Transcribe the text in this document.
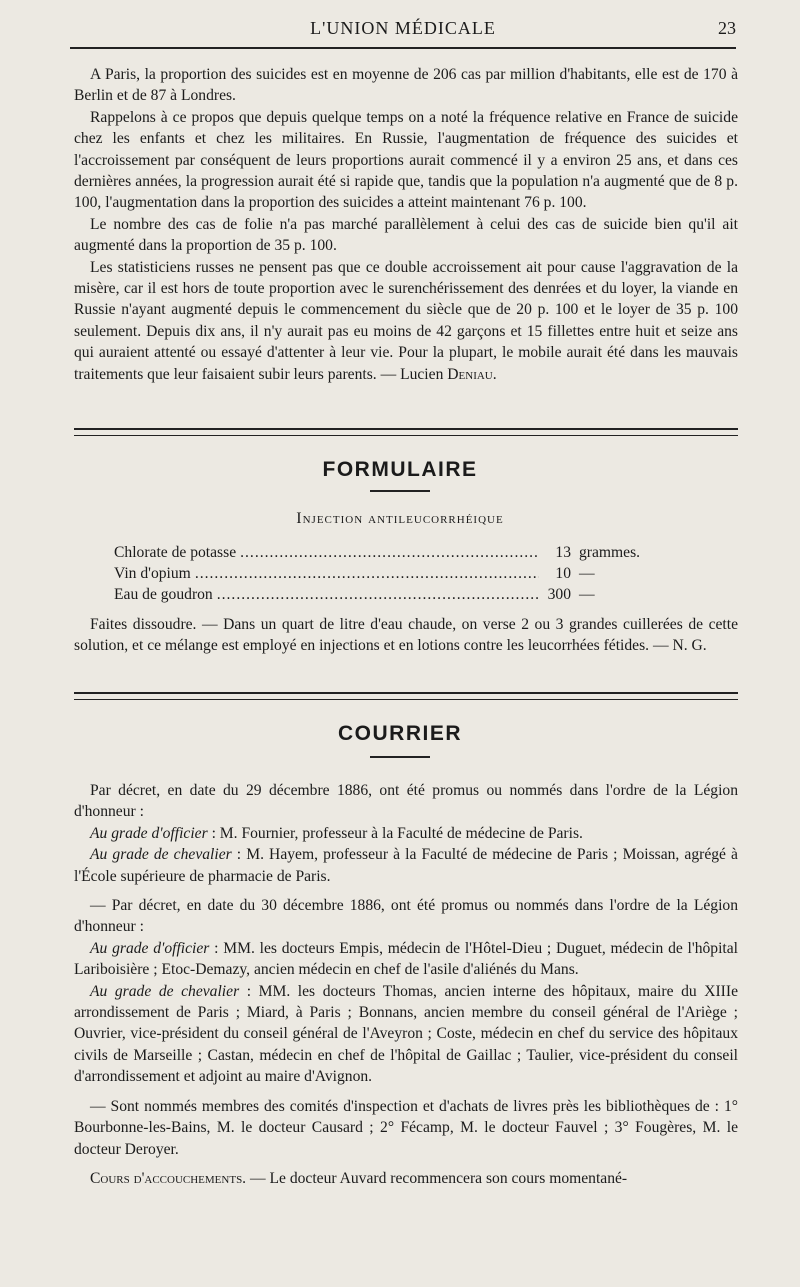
L'UNION MÉDICALE	23

A Paris, la proportion des suicides est en moyenne de 206 cas par million d'habitants, elle est de 170 à Berlin et de 87 à Londres.

Rappelons à ce propos que depuis quelque temps on a noté la fréquence relative en France de suicide chez les enfants et chez les militaires. En Russie, l'augmentation de fréquence des suicides et l'accroissement par conséquent de leurs proportions aurait commencé il y a environ 25 ans, et dans ces dernières années, la progression aurait été si rapide que, tandis que la population n'a augmenté que de 8 p. 100, l'augmentation dans la proportion des suicides a atteint maintenant 76 p. 100.

Le nombre des cas de folie n'a pas marché parallèlement à celui des cas de suicide bien qu'il ait augmenté dans la proportion de 35 p. 100.

Les statisticiens russes ne pensent pas que ce double accroissement ait pour cause l'aggravation de la misère, car il est hors de toute proportion avec le surenchérissement des denrées et du loyer, la viande en Russie n'ayant augmenté depuis le commencement du siècle que de 20 p. 100 et le loyer de 35 p. 100 seulement. Depuis dix ans, il n'y aurait pas eu moins de 42 garçons et 15 fillettes entre huit et seize ans qui auraient attenté ou essayé d'attenter à leur vie. Pour la plupart, le mobile aurait été dans les mauvais traitements que leur faisaient subir leurs parents. — Lucien Deniau.

FORMULAIRE
Injection antileucorrhéique
Chlorate de potasse .....	13 grammes.
Vin d'opium .....	10 —
Eau de goudron .....	300 —

Faites dissoudre. — Dans un quart de litre d'eau chaude, on verse 2 ou 3 grandes cuillerées de cette solution, et ce mélange est employé en injections et en lotions contre les leucorrhées fétides. — N. G.

COURRIER

Par décret, en date du 29 décembre 1886, ont été promus ou nommés dans l'ordre de la Légion d'honneur :

Au grade d'officier : M. Fournier, professeur à la Faculté de médecine de Paris.

Au grade de chevalier : M. Hayem, professeur à la Faculté de médecine de Paris ; Moissan, agrégé à l'École supérieure de pharmacie de Paris.

— Par décret, en date du 30 décembre 1886, ont été promus ou nommés dans l'ordre de la Légion d'honneur :

Au grade d'officier : MM. les docteurs Empis, médecin de l'Hôtel-Dieu ; Duguet, médecin de l'hôpital Lariboisière ; Etoc-Demazy, ancien médecin en chef de l'asile d'aliénés du Mans.

Au grade de chevalier : MM. les docteurs Thomas, ancien interne des hôpitaux, maire du XIIIe arrondissement de Paris ; Miard, à Paris ; Bonnans, ancien membre du conseil général de l'Ariège ; Ouvrier, vice-président du conseil général de l'Aveyron ; Coste, médecin en chef du service des hôpitaux civils de Marseille ; Castan, médecin en chef de l'hôpital de Gaillac ; Taulier, vice-président du conseil d'arrondissement et adjoint au maire d'Avignon.

— Sont nommés membres des comités d'inspection et d'achats de livres près les bibliothèques de : 1° Bourbonne-les-Bains, M. le docteur Causard ; 2° Fécamp, M. le docteur Fauvel ; 3° Fougères, M. le docteur Deroyer.

Cours d'accouchements. — Le docteur Auvard recommencera son cours momentané-
